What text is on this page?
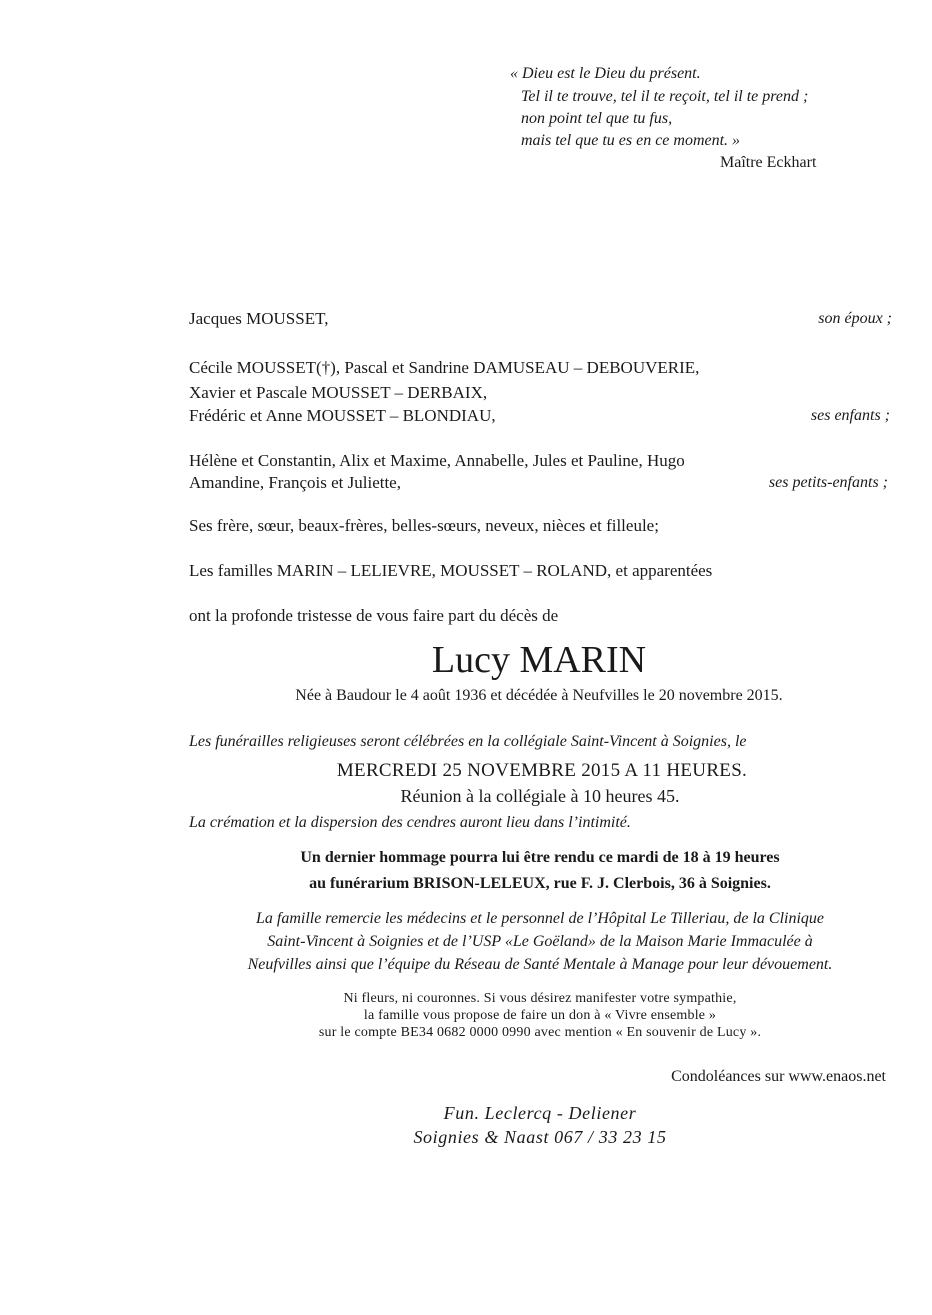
« Dieu est le Dieu du présent.
Tel il te trouve, tel il te reçoit, tel il te prend ;
non point tel que tu fus,
mais tel que tu es en ce moment. »
Maître Eckhart
Jacques MOUSSET,	son époux ;
Cécile MOUSSET(†), Pascal et Sandrine DAMUSEAU – DEBOUVERIE,
Xavier et Pascale MOUSSET – DERBAIX,
Frédéric et Anne MOUSSET – BLONDIAU,	ses enfants ;
Hélène et Constantin, Alix et Maxime, Annabelle, Jules et Pauline, Hugo
Amandine, François et Juliette,	ses petits-enfants ;
Ses frère, sœur, beaux-frères, belles-sœurs, neveux, nièces et filleule;
Les familles MARIN – LELIEVRE, MOUSSET – ROLAND, et apparentées
ont la profonde tristesse de vous faire part du décès de
Lucy MARIN
Née à Baudour le 4 août 1936 et décédée à Neufvilles le 20 novembre 2015.
Les funérailles religieuses seront célébrées en la collégiale Saint-Vincent à Soignies, le
MERCREDI 25 NOVEMBRE 2015 A 11 HEURES.
Réunion à la collégiale à 10 heures 45.
La crémation et la dispersion des cendres auront lieu dans l’intimité.
Un dernier hommage pourra lui être rendu ce mardi de 18 à 19 heures
au funérarium BRISON-LELEUX, rue F. J. Clerbois, 36 à Soignies.
La famille remercie les médecins et le personnel de l’Hôpital Le Tilleriau, de la Clinique
Saint-Vincent à Soignies et de l’USP «Le Goëland» de la Maison Marie Immaculée à
Neufvilles ainsi que l’équipe du Réseau de Santé Mentale à Manage pour leur dévouement.
Ni fleurs, ni couronnes. Si vous désirez manifester votre sympathie,
la famille vous propose de faire un don à « Vivre ensemble »
sur le compte BE34 0682 0000 0990 avec mention « En souvenir de Lucy ».
Condoléances sur www.enaos.net
Fun. Leclercq - Deliener
Soignies & Naast 067 / 33 23 15
